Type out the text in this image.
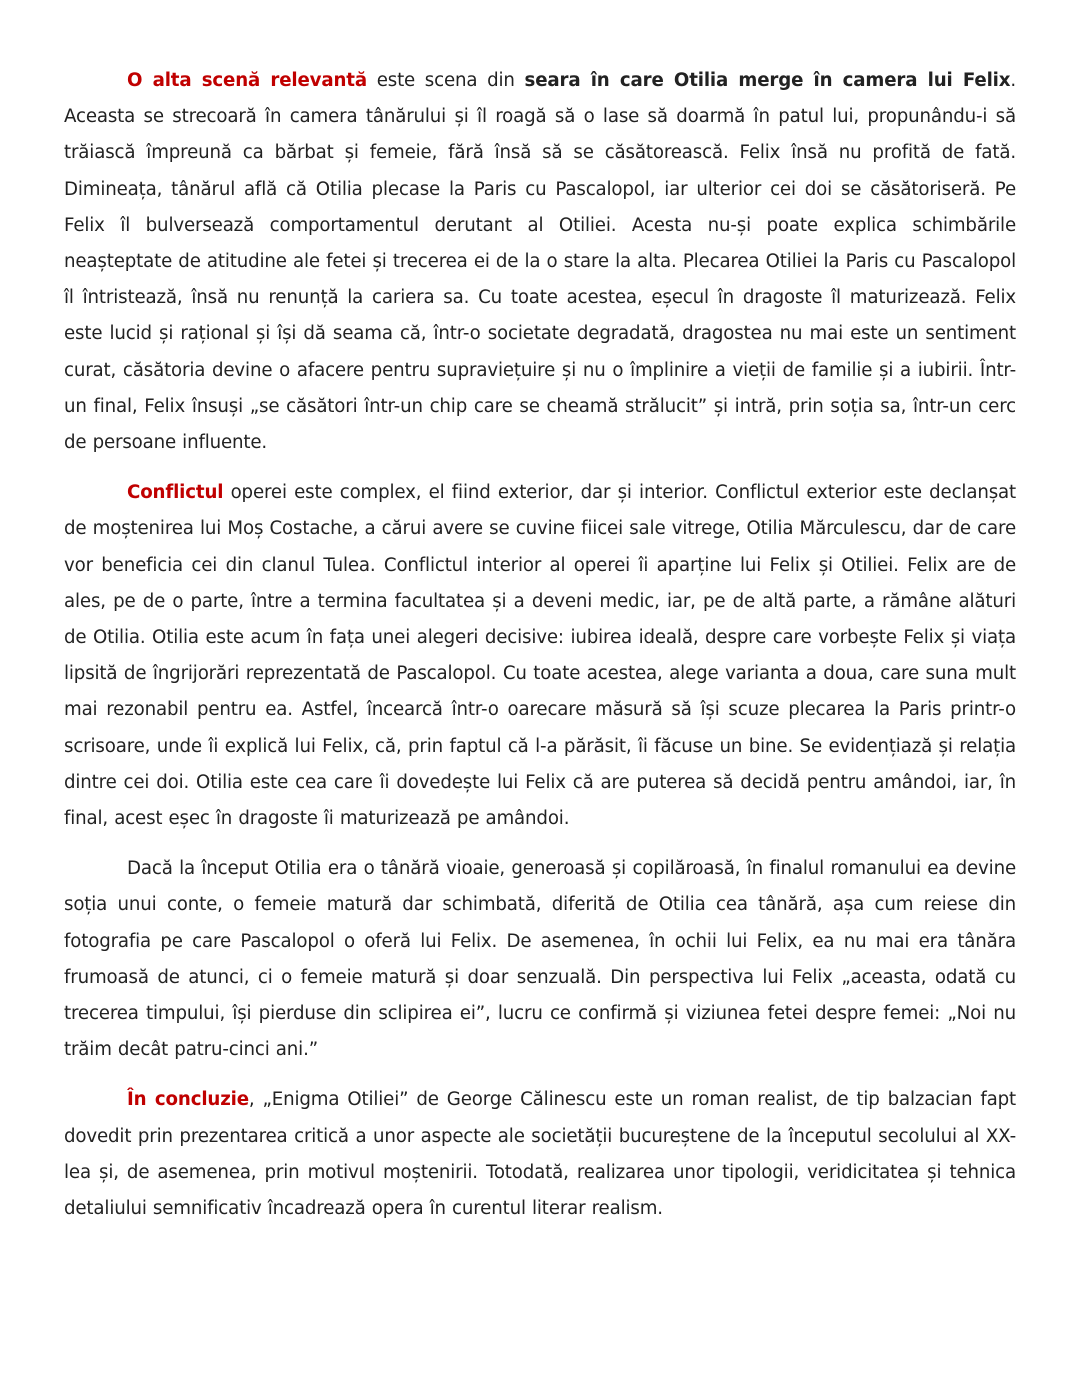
O alta scenă relevantă este scena din seara în care Otilia merge în camera lui Felix. Aceasta se strecoară în camera tânărului și îl roagă să o lase să doarmă în patul lui, propunându-i să trăiască împreună ca bărbat și femeie, fără însă să se căsătorească. Felix însă nu profită de fată. Dimineața, tânărul află că Otilia plecase la Paris cu Pascalopol, iar ulterior cei doi se căsătoriseră. Pe Felix îl bulversează comportamentul derutant al Otiliei. Acesta nu-și poate explica schimbările neașteptate de atitudine ale fetei și trecerea ei de la o stare la alta. Plecarea Otiliei la Paris cu Pascalopol îl întristează, însă nu renunță la cariera sa. Cu toate acestea, eșecul în dragoste îl maturizează. Felix este lucid și rațional și își dă seama că, într-o societate degradată, dragostea nu mai este un sentiment curat, căsătoria devine o afacere pentru supraviețuire și nu o împlinire a vieții de familie și a iubirii. Într-un final, Felix însuși „se căsători într-un chip care se cheamă strălucit” și intră, prin soția sa, într-un cerc de persoane influente.

Conflictul operei este complex, el fiind exterior, dar și interior. Conflictul exterior este declanșat de moștenirea lui Moș Costache, a cărui avere se cuvine fiicei sale vitrege, Otilia Mărculescu, dar de care vor beneficia cei din clanul Tulea. Conflictul interior al operei îi aparține lui Felix și Otiliei. Felix are de ales, pe de o parte, între a termina facultatea și a deveni medic, iar, pe de altă parte, a rămâne alături de Otilia. Otilia este acum în fața unei alegeri decisive: iubirea ideală, despre care vorbește Felix și viața lipsită de îngrijorări reprezentată de Pascalopol. Cu toate acestea, alege varianta a doua, care suna mult mai rezonabil pentru ea. Astfel, încearcă într-o oarecare măsură să își scuze plecarea la Paris printr-o scrisoare, unde îi explică lui Felix, că, prin faptul că l-a părăsit, îi făcuse un bine. Se evidențiază și relația dintre cei doi. Otilia este cea care îi dovedește lui Felix că are puterea să decidă pentru amândoi, iar, în final, acest eșec în dragoste îi maturizează pe amândoi.

Dacă la început Otilia era o tânără vioaie, generoasă și copilăroasă, în finalul romanului ea devine soția unui conte, o femeie matură dar schimbată, diferită de Otilia cea tânără, așa cum reiese din fotografia pe care Pascalopol o oferă lui Felix. De asemenea, în ochii lui Felix, ea nu mai era tânăra frumoasă de atunci, ci o femeie matură și doar senzuală. Din perspectiva lui Felix „aceasta, odată cu trecerea timpului, își pierduse din sclipirea ei”, lucru ce confirmă și viziunea fetei despre femei: „Noi nu trăim decât patru-cinci ani.”

În concluzie, „Enigma Otiliei” de George Călinescu este un roman realist, de tip balzacian fapt dovedit prin prezentarea critică a unor aspecte ale societății bucureștene de la începutul secolului al XX-lea și, de asemenea, prin motivul moștenirii. Totodată, realizarea unor tipologii, veridicitatea și tehnica detaliului semnificativ încadrează opera în curentul literar realism.
